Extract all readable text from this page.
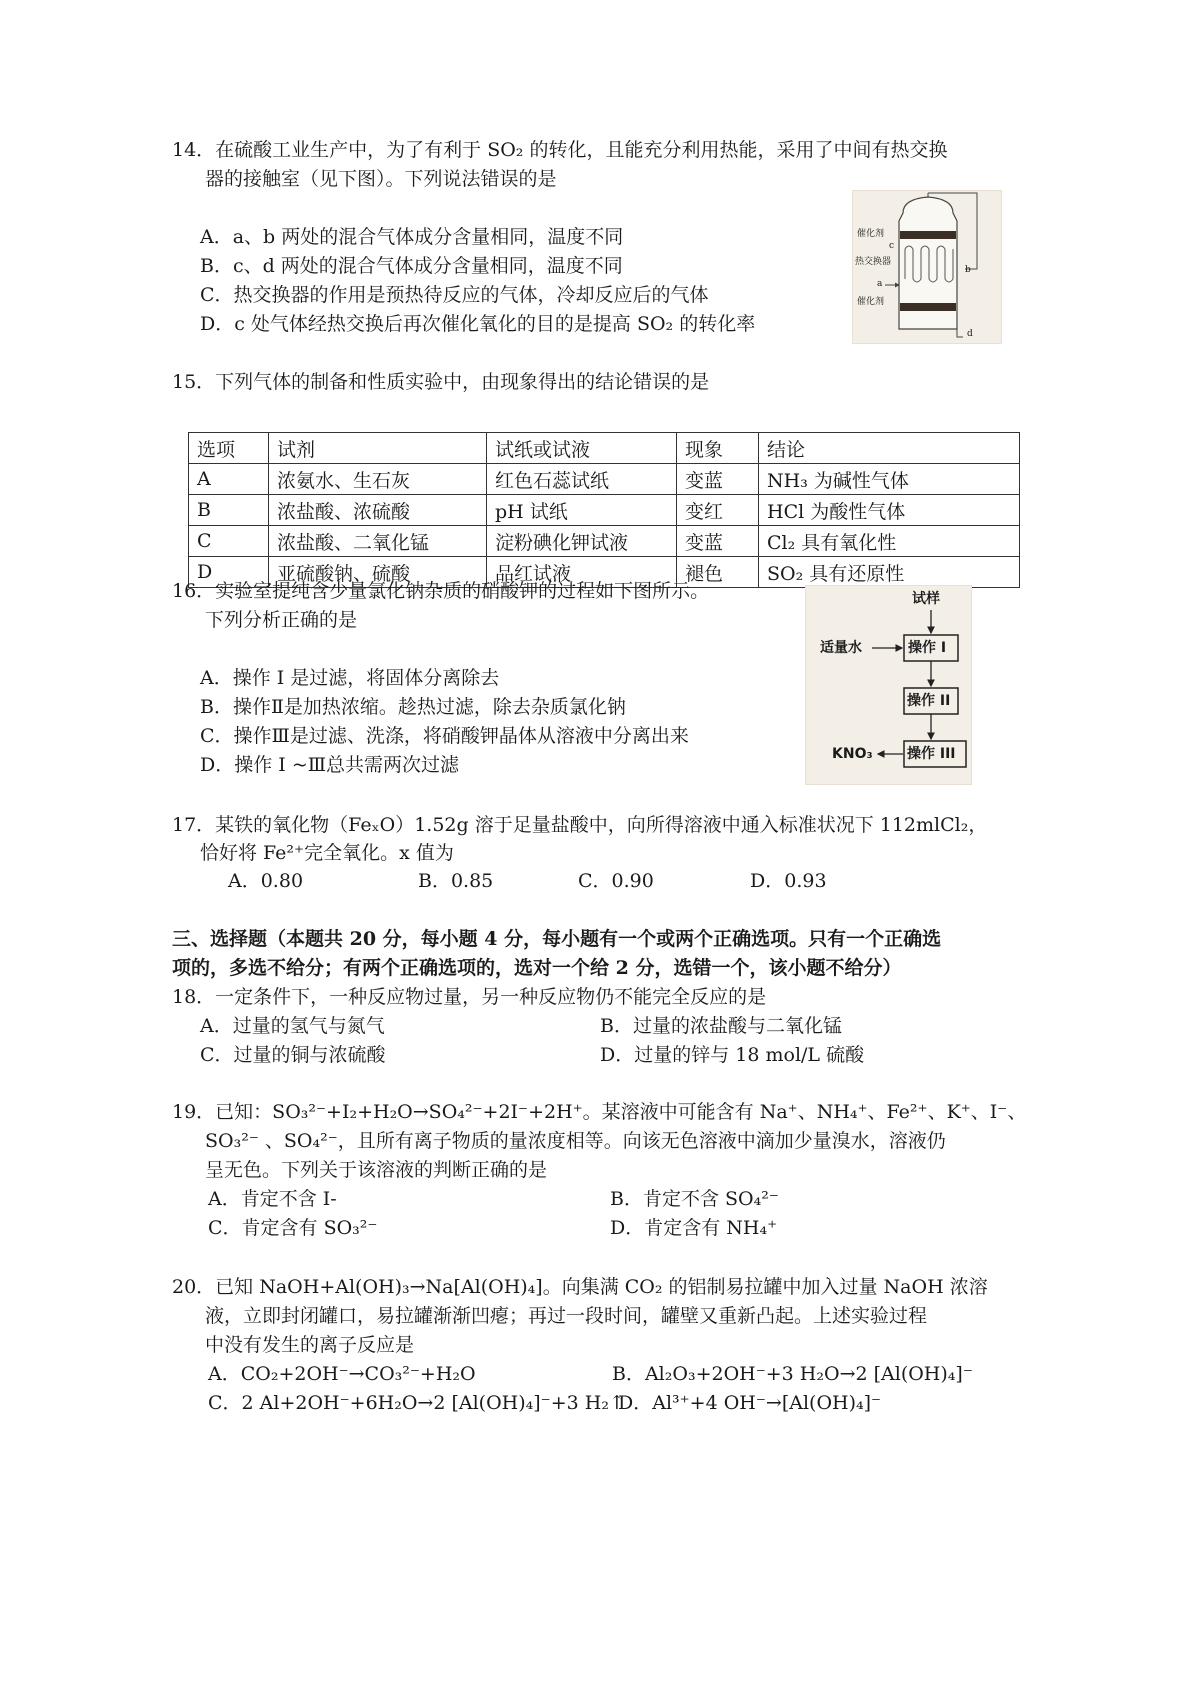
14．在硫酸工业生产中，为了有利于 SO₂ 的转化，且能充分利用热能，采用了中间有热交换
器的接触室（见下图）。下列说法错误的是
A．a、b 两处的混合气体成分含量相同，温度不同
B．c、d 两处的混合气体成分含量相同，温度不同
C．热交换器的作用是预热待反应的气体，冷却反应后的气体
D．c 处气体经热交换后再次催化氧化的目的是提高 SO₂ 的转化率
催化剂
c
热交换器
a
b
催化剂
d
15．下列气体的制备和性质实验中，由现象得出的结论错误的是
选项	试剂	试纸或试液	现象	结论
A	浓氨水、生石灰	红色石蕊试纸	变蓝	NH₃ 为碱性气体
B	浓盐酸、浓硫酸	pH 试纸	变红	HCl 为酸性气体
C	浓盐酸、二氧化锰	淀粉碘化钾试液	变蓝	Cl₂ 具有氧化性
D	亚硫酸钠、硫酸	品红试液	褪色	SO₂ 具有还原性
16．实验室提纯含少量氯化钠杂质的硝酸钾的过程如下图所示。
下列分析正确的是
A．操作 I 是过滤，将固体分离除去
B．操作Ⅱ是加热浓缩。趁热过滤，除去杂质氯化钠
C．操作Ⅲ是过滤、洗涤，将硝酸钾晶体从溶液中分离出来
D．操作 I ~Ⅲ总共需两次过滤
试样
适量水	操作 I
操作 II
操作 III
KNO₃
17．某铁的氧化物（FeₓO）1.52g 溶于足量盐酸中，向所得溶液中通入标准状况下 112mlCl₂，
恰好将 Fe²⁺完全氧化。x 值为
A．0.80	B．0.85	C．0.90	D．0.93
三、选择题（本题共 20 分，每小题 4 分，每小题有一个或两个正确选项。只有一个正确选
项的，多选不给分；有两个正确选项的，选对一个给 2 分，选错一个，该小题不给分）
18．一定条件下，一种反应物过量，另一种反应物仍不能完全反应的是
A．过量的氢气与氮气	B．过量的浓盐酸与二氧化锰
C．过量的铜与浓硫酸	D．过量的锌与 18 mol/L 硫酸
19．已知：SO₃²⁻+I₂+H₂O→SO₄²⁻+2I⁻+2H⁺。某溶液中可能含有 Na⁺、NH₄⁺、Fe²⁺、K⁺、I⁻、
SO₃²⁻ 、SO₄²⁻，且所有离子物质的量浓度相等。向该无色溶液中滴加少量溴水，溶液仍
呈无色。下列关于该溶液的判断正确的是
A．肯定不含 I-	B．肯定不含 SO₄²⁻
C．肯定含有 SO₃²⁻	D．肯定含有 NH₄⁺
20．已知 NaOH+Al(OH)₃→Na[Al(OH)₄]。向集满 CO₂ 的铝制易拉罐中加入过量 NaOH 浓溶
液，立即封闭罐口，易拉罐渐渐凹瘪；再过一段时间，罐壁又重新凸起。上述实验过程
中没有发生的离子反应是
A．CO₂+2OH⁻→CO₃²⁻+H₂O	B．Al₂O₃+2OH⁻+3 H₂O→2 [Al(OH)₄]⁻
C．2 Al+2OH⁻+6H₂O→2 [Al(OH)₄]⁻+3 H₂↑
D．Al³⁺+4 OH⁻→[Al(OH)₄]⁻
